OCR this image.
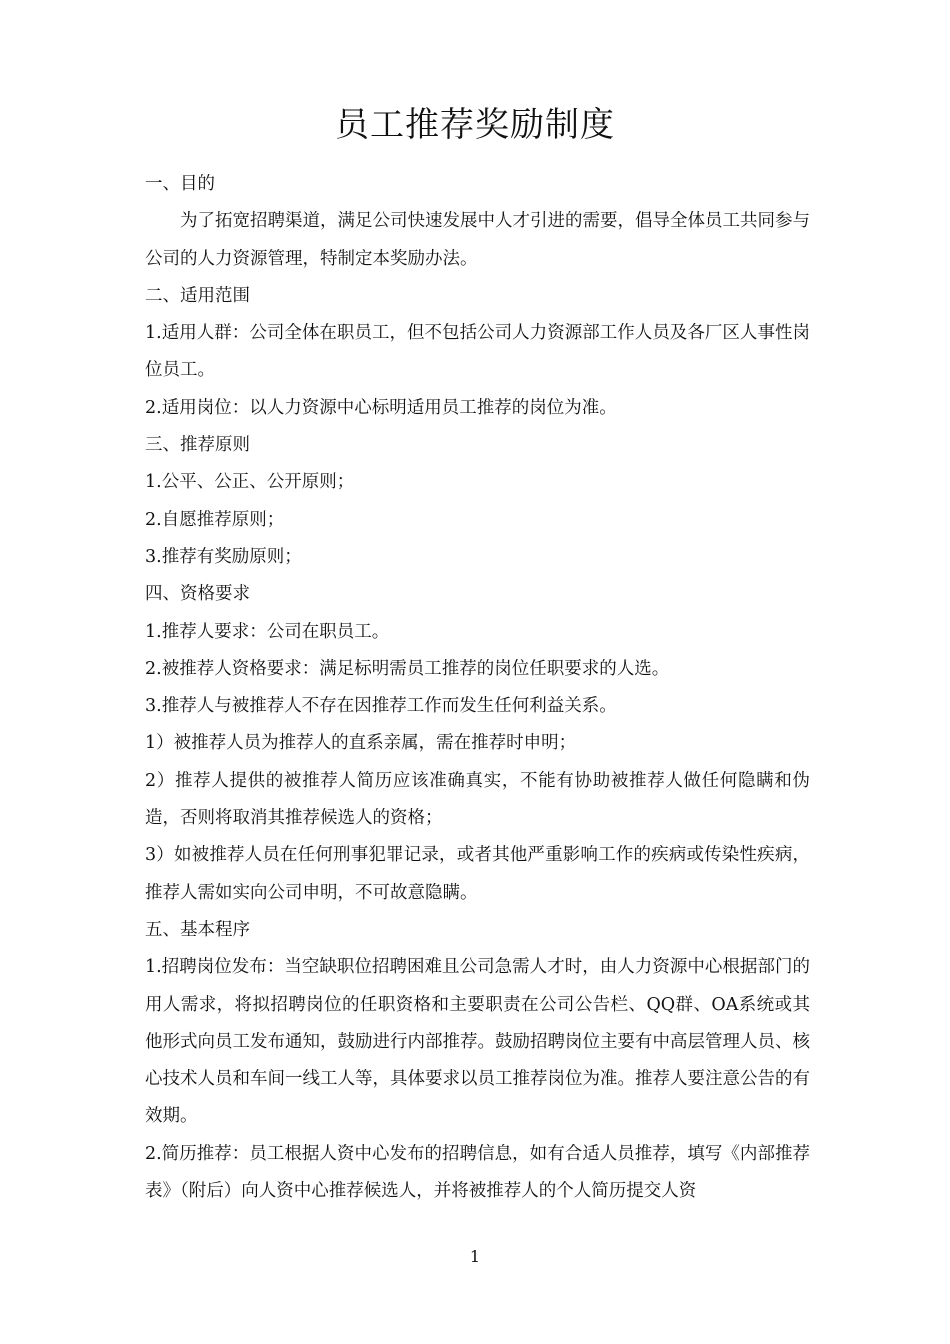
员工推荐奖励制度

一、目的

为了拓宽招聘渠道，满足公司快速发展中人才引进的需要，倡导全体员工共同参与公司的人力资源管理，特制定本奖励办法。

二、适用范围

1.适用人群：公司全体在职员工，但不包括公司人力资源部工作人员及各厂区人事性岗位员工。

2.适用岗位：以人力资源中心标明适用员工推荐的岗位为准。

三、推荐原则

1.公平、公正、公开原则；

2.自愿推荐原则；

3.推荐有奖励原则；

四、资格要求

1.推荐人要求：公司在职员工。

2.被推荐人资格要求：满足标明需员工推荐的岗位任职要求的人选。

3.推荐人与被推荐人不存在因推荐工作而发生任何利益关系。

1）被推荐人员为推荐人的直系亲属，需在推荐时申明；

2）推荐人提供的被推荐人简历应该准确真实，不能有协助被推荐人做任何隐瞒和伪造，否则将取消其推荐候选人的资格；

3）如被推荐人员在任何刑事犯罪记录，或者其他严重影响工作的疾病或传染性疾病，推荐人需如实向公司申明，不可故意隐瞒。

五、基本程序

1.招聘岗位发布：当空缺职位招聘困难且公司急需人才时，由人力资源中心根据部门的用人需求，将拟招聘岗位的任职资格和主要职责在公司公告栏、QQ群、OA系统或其他形式向员工发布通知，鼓励进行内部推荐。鼓励招聘岗位主要有中高层管理人员、核心技术人员和车间一线工人等，具体要求以员工推荐岗位为准。推荐人要注意公告的有效期。

2.简历推荐：员工根据人资中心发布的招聘信息，如有合适人员推荐，填写《内部推荐表》（附后）向人资中心推荐候选人，并将被推荐人的个人简历提交人资

1
